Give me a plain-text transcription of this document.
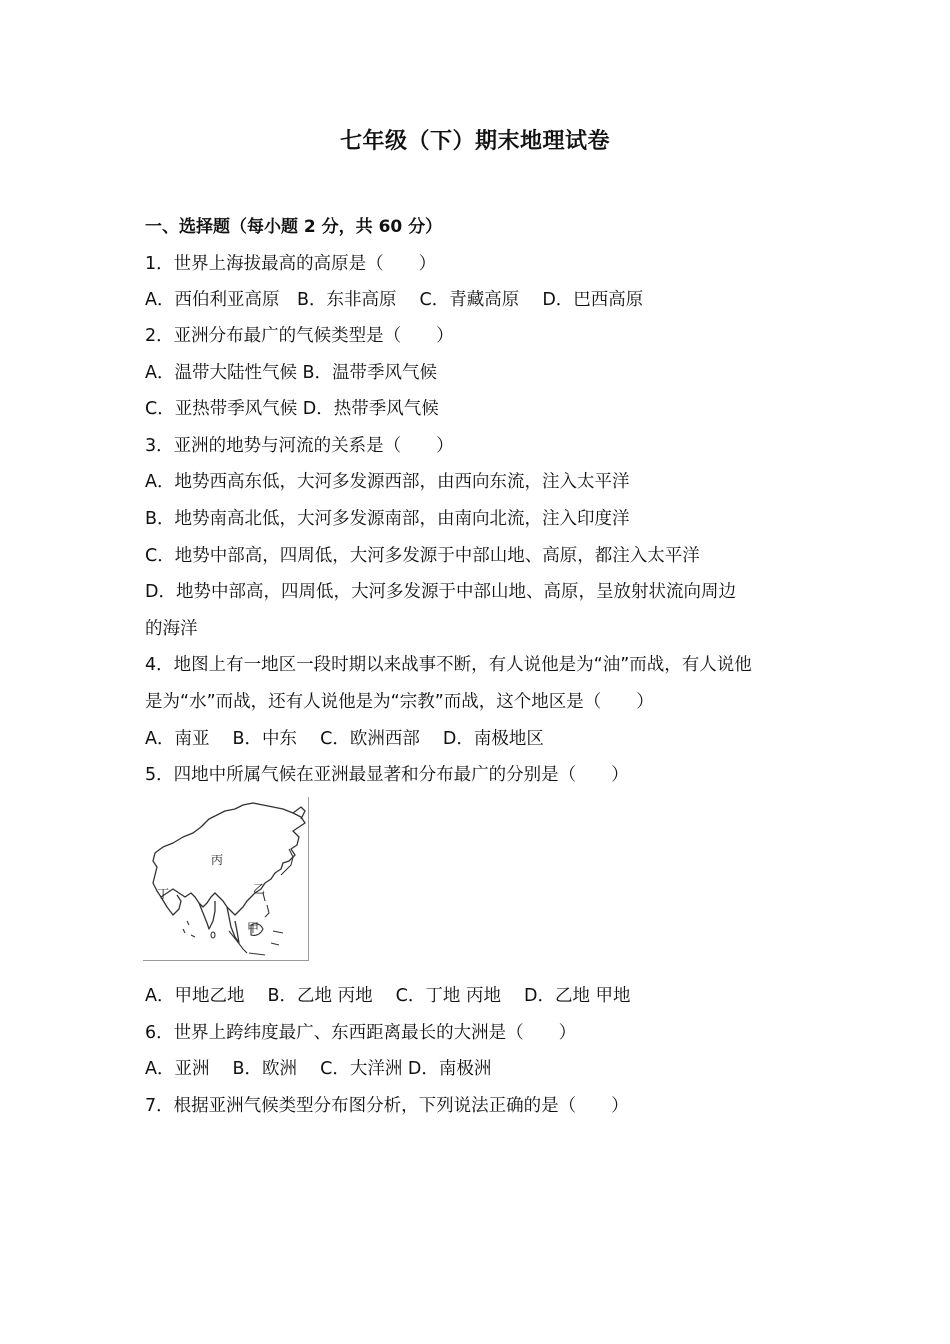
七年级（下）期末地理试卷
一、选择题（每小题 2 分，共 60 分）
1．世界上海拔最高的高原是（　　）
A．西伯利亚高原　B．东非高原　 C．青藏高原　 D．巴西高原
2．亚洲分布最广的气候类型是（　　）
A．温带大陆性气候 B．温带季风气候
C．亚热带季风气候 D．热带季风气候
3．亚洲的地势与河流的关系是（　　）
A．地势西高东低，大河多发源西部，由西向东流，注入太平洋
B．地势南高北低，大河多发源南部，由南向北流，注入印度洋
C．地势中部高，四周低，大河多发源于中部山地、高原，都注入太平洋
D．地势中部高，四周低，大河多发源于中部山地、高原，呈放射状流向周边
的海洋
4．地图上有一地区一段时期以来战事不断，有人说他是为“油”而战，有人说他
是为“水”而战，还有人说他是为“宗教”而战，这个地区是（　　）
A．南亚　 B．中东　 C．欧洲西部　 D．南极地区
5．四地中所属气候在亚洲最显著和分布最广的分别是（　　）
丙
乙
丁
甲
A．甲地乙地　 B．乙地 丙地　 C．丁地 丙地　 D．乙地 甲地
6．世界上跨纬度最广、东西距离最长的大洲是（　　）
A．亚洲　 B．欧洲　 C．大洋洲 D．南极洲
7．根据亚洲气候类型分布图分析，下列说法正确的是（　　）
